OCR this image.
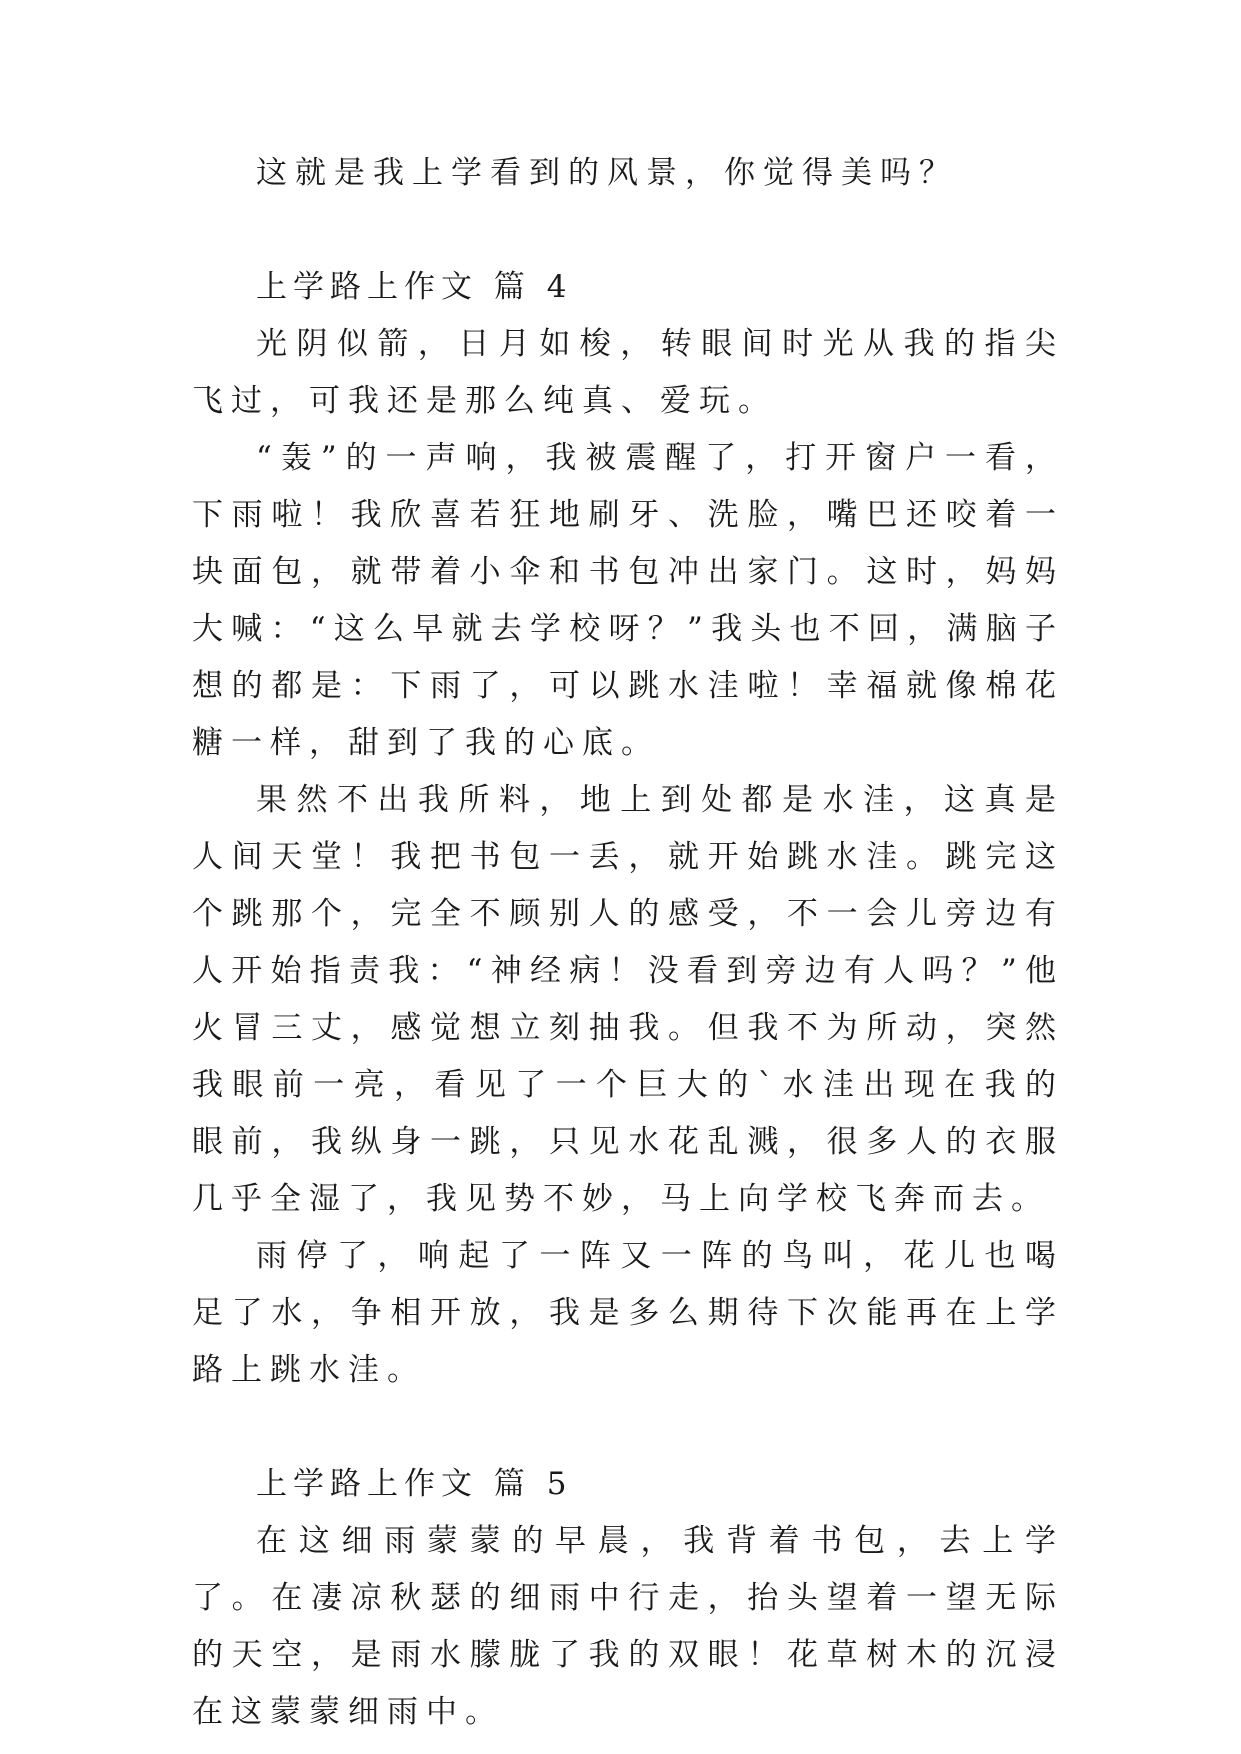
这就是我上学看到的风景，你觉得美吗？

上学路上作文 篇 4

光阴似箭，日月如梭，转眼间时光从我的指尖飞过，可我还是那么纯真、爱玩。

“轰”的一声响，我被震醒了，打开窗户一看，下雨啦！我欣喜若狂地刷牙、洗脸，嘴巴还咬着一块面包，就带着小伞和书包冲出家门。这时，妈妈大喊：“这么早就去学校呀？”我头也不回，满脑子想的都是：下雨了，可以跳水洼啦！幸福就像棉花糖一样，甜到了我的心底。

果然不出我所料，地上到处都是水洼，这真是人间天堂！我把书包一丢，就开始跳水洼。跳完这个跳那个，完全不顾别人的感受，不一会儿旁边有人开始指责我：“神经病！没看到旁边有人吗？”他火冒三丈，感觉想立刻抽我。但我不为所动，突然我眼前一亮，看见了一个巨大的`水洼出现在我的眼前，我纵身一跳，只见水花乱溅，很多人的衣服几乎全湿了，我见势不妙，马上向学校飞奔而去。

雨停了，响起了一阵又一阵的鸟叫，花儿也喝足了水，争相开放，我是多么期待下次能再在上学路上跳水洼。

上学路上作文 篇 5

在这细雨蒙蒙的早晨，我背着书包，去上学了。在凄凉秋瑟的细雨中行走，抬头望着一望无际的天空，是雨水朦胧了我的双眼！花草树木的沉浸在这蒙蒙细雨中。
